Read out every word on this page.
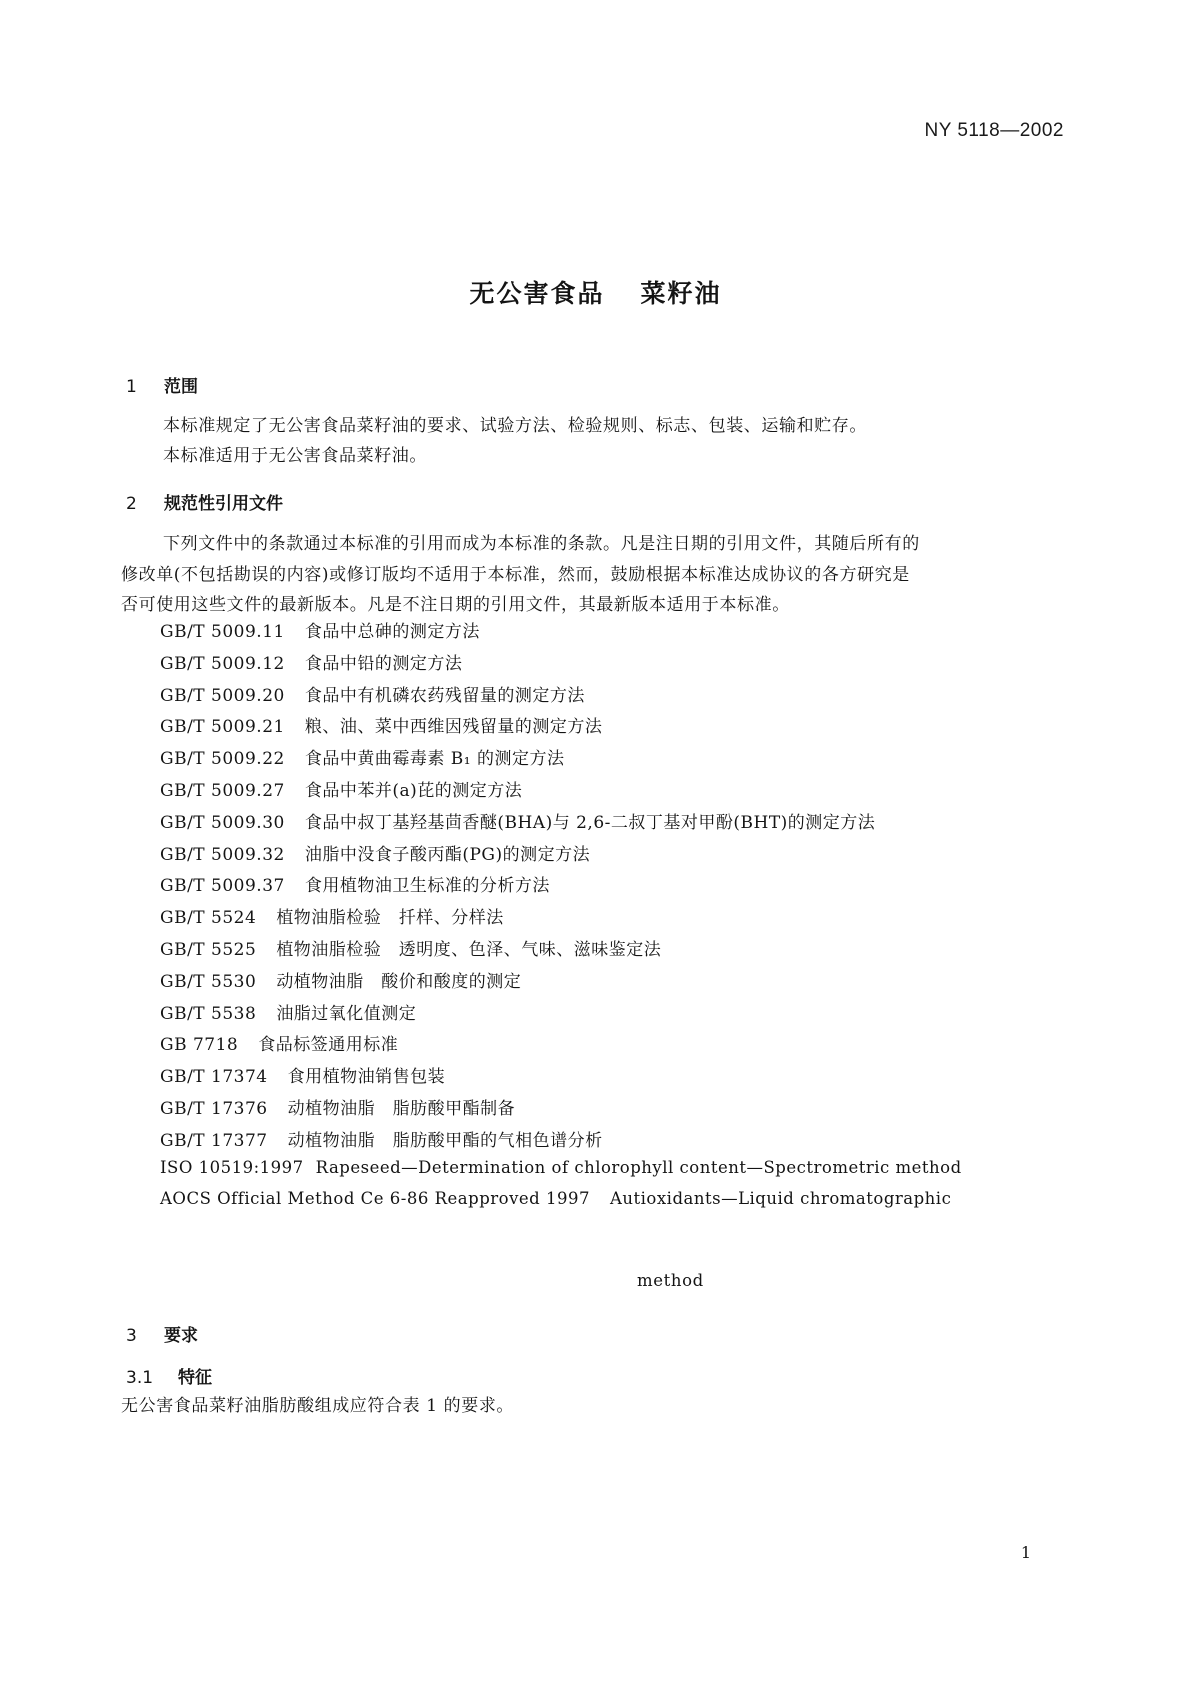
NY 5118—2002
无公害食品 菜籽油
1 范围
本标准规定了无公害食品菜籽油的要求、试验方法、检验规则、标志、包装、运输和贮存。
本标准适用于无公害食品菜籽油。
2 规范性引用文件
下列文件中的条款通过本标准的引用而成为本标准的条款。凡是注日期的引用文件，其随后所有的
修改单(不包括勘误的内容)或修订版均不适用于本标准，然而，鼓励根据本标准达成协议的各方研究是
否可使用这些文件的最新版本。凡是不注日期的引用文件，其最新版本适用于本标准。
GB/T 5009.11 食品中总砷的测定方法
GB/T 5009.12 食品中铅的测定方法
GB/T 5009.20 食品中有机磷农药残留量的测定方法
GB/T 5009.21 粮、油、菜中西维因残留量的测定方法
GB/T 5009.22 食品中黄曲霉毒素 B₁ 的测定方法
GB/T 5009.27 食品中苯并(a)芘的测定方法
GB/T 5009.30 食品中叔丁基羟基茴香醚(BHA)与 2,6-二叔丁基对甲酚(BHT)的测定方法
GB/T 5009.32 油脂中没食子酸丙酯(PG)的测定方法
GB/T 5009.37 食用植物油卫生标准的分析方法
GB/T 5524 植物油脂检验　扦样、分样法
GB/T 5525 植物油脂检验　透明度、色泽、气味、滋味鉴定法
GB/T 5530 动植物油脂　酸价和酸度的测定
GB/T 5538 油脂过氧化值测定
GB 7718 食品标签通用标准
GB/T 17374 食用植物油销售包装
GB/T 17376 动植物油脂　脂肪酸甲酯制备
GB/T 17377 动植物油脂　脂肪酸甲酯的气相色谱分析
ISO 10519:1997 Rapeseed—Determination of chlorophyll content—Spectrometric method
AOCS Official Method Ce 6-86 Reapproved 1997 Autioxidants—Liquid chromatographic
method
3 要求
3.1 特征
无公害食品菜籽油脂肪酸组成应符合表 1 的要求。
1
